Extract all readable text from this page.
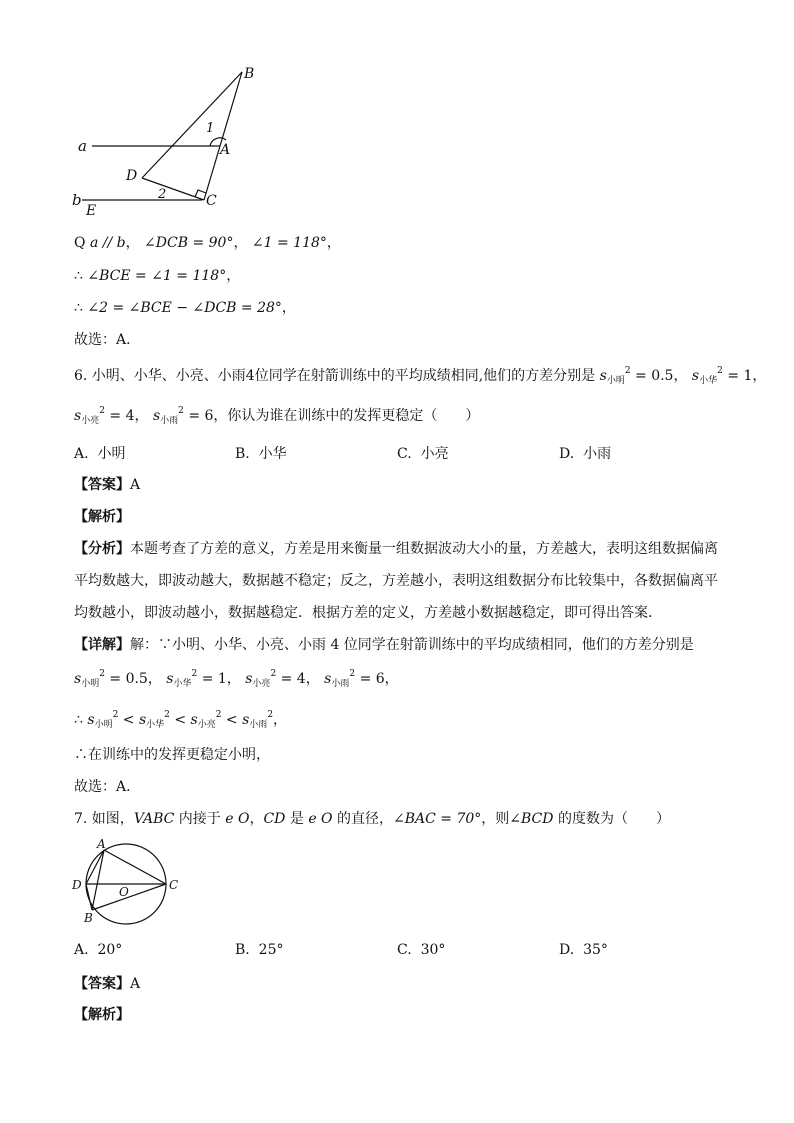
a
b
B
A
D
E
C
1
2
Q a // b， ∠DCB = 90°， ∠1 = 118°，
∴ ∠BCE = ∠1 = 118°，
∴ ∠2 = ∠BCE − ∠DCB = 28°，
故选：A．
6. 小明、小华、小亮、小雨4位同学在射箭训练中的平均成绩相同,他们的方差分别是 $s_{小明}^2 = 0.5$， $s_{小华}^2 = 1$，
$s_{小亮}^2 = 4$， $s_{小雨}^2 = 6$，你认为谁在训练中的发挥更稳定（　　）
A. 小明	B. 小华	C. 小亮	D. 小雨
【答案】A
【解析】
【分析】本题考查了方差的意义，方差是用来衡量一组数据波动大小的量，方差越大，表明这组数据偏离
平均数越大，即波动越大，数据越不稳定；反之，方差越小，表明这组数据分布比较集中，各数据偏离平
均数越小，即波动越小，数据越稳定．根据方差的定义，方差越小数据越稳定，即可得出答案．
【详解】解：∵小明、小华、小亮、小雨 4 位同学在射箭训练中的平均成绩相同，他们的方差分别是
$s_{小明}^2 = 0.5$， $s_{小华}^2 = 1$， $s_{小亮}^2 = 4$， $s_{小雨}^2 = 6$，
∴ $s_{小明}^2 < s_{小华}^2 < s_{小亮}^2 < s_{小雨}^2$，
∴在训练中的发挥更稳定小明，
故选：A．
7. 如图，VABC 内接于 e O，CD 是 e O 的直径，∠BAC = 70°，则∠BCD 的度数为（　　）
A
D	O	C
B
A. 20°	B. 25°	C. 30°	D. 35°
【答案】A
【解析】
